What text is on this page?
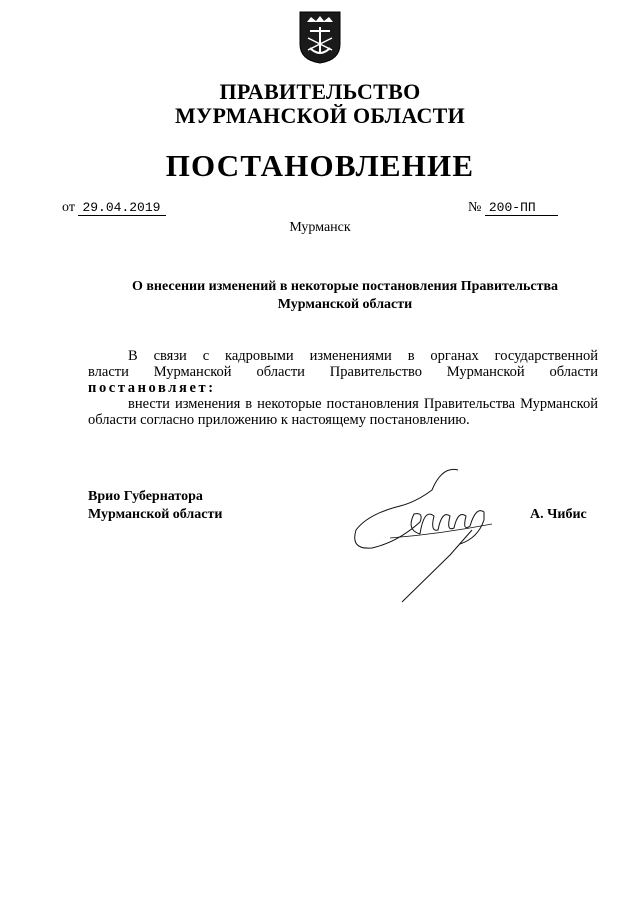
ПРАВИТЕЛЬСТВО
МУРМАНСКОЙ ОБЛАСТИ
ПОСТАНОВЛЕНИЕ
от 29.04.2019	№ 200-ПП
Мурманск
О внесении изменений в некоторые постановления Правительства
Мурманской области

В связи с кадровыми изменениями в органах государственной

власти Мурманской области Правительство Мурманской области

постановляет:

внести изменения в некоторые постановления Правительства Мурманской области согласно приложению к настоящему постановлению.

Врио Губернатора
Мурманской области	А. Чибис
